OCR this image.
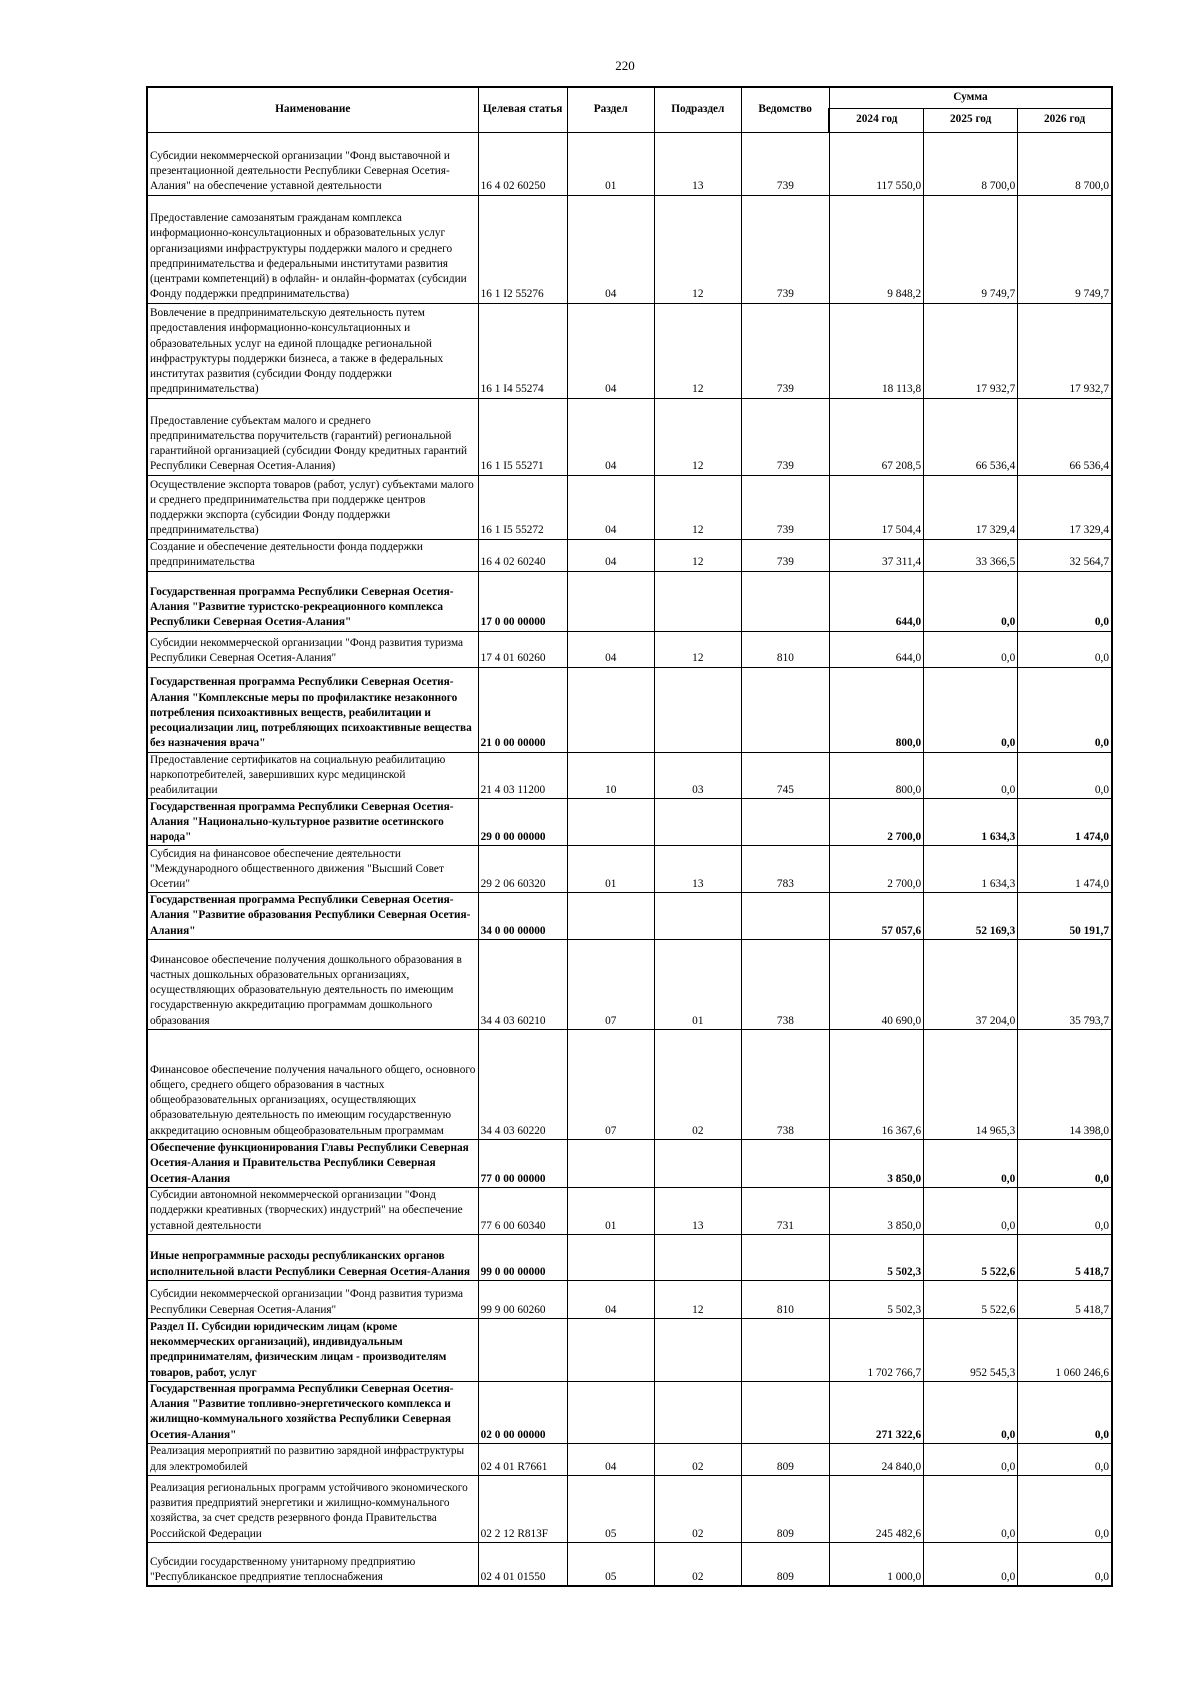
220
Наименование	Целевая статья	Раздел	Подраздел	Ведомство	Сумма		
					2024 год	2025 год	2026 год
Субсидии некоммерческой организации "Фонд выставочной и презентационной деятельности Республики Северная Осетия-Алания" на обеспечение уставной деятельности	16 4 02 60250	01	13	739	117 550,0	8 700,0	8 700,0
Предоставление самозанятым гражданам комплекса информационно-консультационных и образовательных услуг организациями инфраструктуры поддержки малого и среднего предпринимательства и федеральными институтами развития (центрами компетенций) в офлайн- и онлайн-форматах (субсидии Фонду поддержки предпринимательства)	16 1 I2 55276	04	12	739	9 848,2	9 749,7	9 749,7
Вовлечение в предпринимательскую деятельность путем предоставления информационно-консультационных и образовательных услуг на единой площадке региональной инфраструктуры поддержки бизнеса, а также в федеральных институтах развития (субсидии Фонду поддержки предпринимательства)	16 1 I4 55274	04	12	739	18 113,8	17 932,7	17 932,7
Предоставление субъектам малого и среднего предпринимательства поручительств (гарантий) региональной гарантийной организацией (субсидии Фонду кредитных гарантий Республики Северная Осетия-Алания)	16 1 I5 55271	04	12	739	67 208,5	66 536,4	66 536,4
Осуществление экспорта товаров (работ, услуг) субъектами малого и среднего предпринимательства при поддержке центров поддержки экспорта (субсидии Фонду поддержки предпринимательства)	16 1 I5 55272	04	12	739	17 504,4	17 329,4	17 329,4
Создание и обеспечение деятельности фонда поддержки предпринимательства	16 4 02 60240	04	12	739	37 311,4	33 366,5	32 564,7
Государственная программа Республики Северная Осетия-Алания "Развитие туристско-рекреационного комплекса Республики Северная Осетия-Алания"	17 0 00 00000				644,0	0,0	0,0
Субсидии некоммерческой организации "Фонд развития туризма Республики Северная Осетия-Алания"	17 4 01 60260	04	12	810	644,0	0,0	0,0
Государственная программа Республики Северная Осетия-Алания "Комплексные меры по профилактике незаконного потребления психоактивных веществ, реабилитации и ресоциализации лиц, потребляющих психоактивные вещества без назначения врача"	21 0 00 00000				800,0	0,0	0,0
Предоставление сертификатов на социальную реабилитацию наркопотребителей, завершивших курс медицинской реабилитации	21 4 03 11200	10	03	745	800,0	0,0	0,0
Государственная программа Республики Северная Осетия-Алания "Национально-культурное развитие осетинского народа"	29 0 00 00000				2 700,0	1 634,3	1 474,0
Субсидия на финансовое обеспечение деятельности "Международного общественного движения "Высший Совет Осетии"	29 2 06 60320	01	13	783	2 700,0	1 634,3	1 474,0
Государственная программа Республики Северная Осетия-Алания "Развитие образования Республики Северная Осетия-Алания"	34 0 00 00000				57 057,6	52 169,3	50 191,7
Финансовое обеспечение получения дошкольного образования в частных дошкольных образовательных организациях, осуществляющих образовательную деятельность по имеющим государственную аккредитацию программам дошкольного образования	34 4 03 60210	07	01	738	40 690,0	37 204,0	35 793,7
Финансовое обеспечение получения начального общего, основного общего, среднего общего образования в частных общеобразовательных организациях, осуществляющих образовательную деятельность по имеющим государственную аккредитацию основным общеобразовательным программам	34 4 03 60220	07	02	738	16 367,6	14 965,3	14 398,0
Обеспечение функционирования Главы Республики Северная Осетия-Алания и Правительства Республики Северная Осетия-Алания	77 0 00 00000				3 850,0	0,0	0,0
Субсидии автономной некоммерческой организации "Фонд поддержки креативных (творческих) индустрий" на обеспечение уставной деятельности	77 6 00 60340	01	13	731	3 850,0	0,0	0,0
Иные непрограммные расходы республиканских органов исполнительной власти Республики Северная Осетия-Алания	99 0 00 00000				5 502,3	5 522,6	5 418,7
Субсидии некоммерческой организации "Фонд развития туризма Республики Северная Осетия-Алания"	99 9 00 60260	04	12	810	5 502,3	5 522,6	5 418,7
Раздел II. Субсидии юридическим лицам (кроме некоммерческих организаций), индивидуальным предпринимателям, физическим лицам - производителям товаров, работ, услуг					1 702 766,7	952 545,3	1 060 246,6
Государственная программа Республики Северная Осетия-Алания "Развитие топливно-энергетического комплекса и жилищно-коммунального хозяйства Республики Северная Осетия-Алания"	02 0 00 00000				271 322,6	0,0	0,0
Реализация мероприятий по развитию зарядной инфраструктуры для электромобилей	02 4 01 R7661	04	02	809	24 840,0	0,0	0,0
Реализация региональных программ устойчивого экономического развития предприятий энергетики и жилищно-коммунального хозяйства, за счет средств резервного фонда Правительства Российской Федерации	02 2 12 R813F	05	02	809	245 482,6	0,0	0,0
Субсидии государственному унитарному предприятию "Республиканское предприятие теплоснабжения	02 4 01 01550	05	02	809	1 000,0	0,0	0,0
